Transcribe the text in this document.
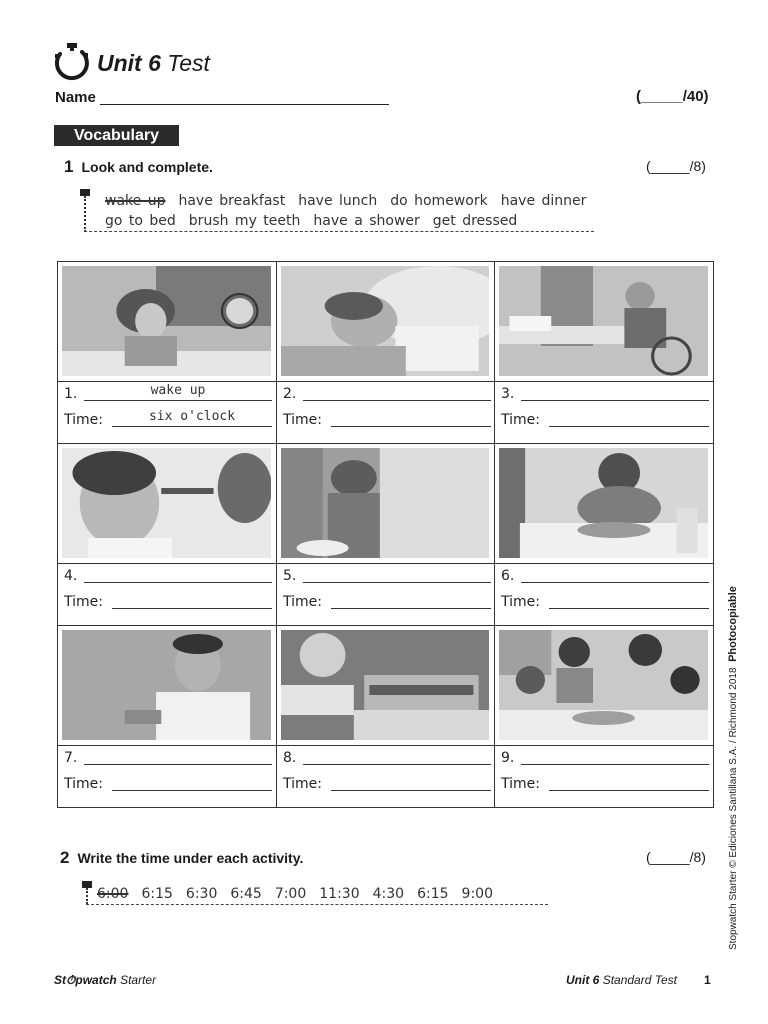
Unit 6 Test
Name	(_____/40)
Vocabulary
1 Look and complete.	(_____/8)
wake up have breakfast have lunch do homework have dinner
go to bed brush my teeth have a shower get dressed
1.	wake up
Time:	six o'clock
2.
Time:
3.
Time:
4.
Time:
5.
Time:
6.
Time:
7.
Time:
8.
Time:
9.
Time:
2 Write the time under each activity.	(_____/8)
6:00 6:15 6:30 6:45 7:00 11:30 4:30 6:15 9:00	Stopwatch Starter © Ediciones Santillana S.A. / Richmond 2018  Photocopiable
St⏱pwatch Starter	Unit 6 Standard Test 1
